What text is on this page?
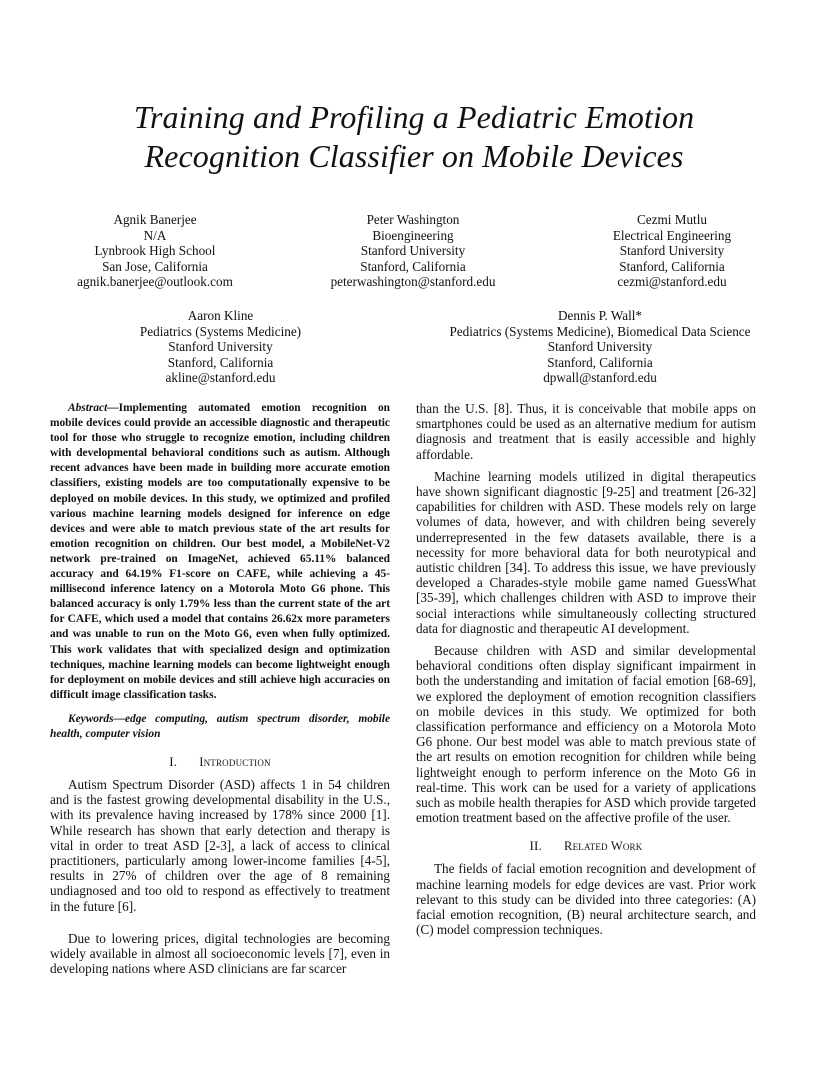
Training and Profiling a Pediatric Emotion
Recognition Classifier on Mobile Devices
Agnik Banerjee
N/A
Lynbrook High School
San Jose, California
agnik.banerjee@outlook.com
Peter Washington
Bioengineering
Stanford University
Stanford, California
peterwashington@stanford.edu
Cezmi Mutlu
Electrical Engineering
Stanford University
Stanford, California
cezmi@stanford.edu
Aaron Kline
Pediatrics (Systems Medicine)
Stanford University
Stanford, California
akline@stanford.edu
Dennis P. Wall*
Pediatrics (Systems Medicine), Biomedical Data Science
Stanford University
Stanford, California
dpwall@stanford.edu

Abstract—Implementing automated emotion recognition on mobile devices could provide an accessible diagnostic and therapeutic tool for those who struggle to recognize emotion, including children with developmental behavioral conditions such as autism. Although recent advances have been made in building more accurate emotion classifiers, existing models are too computationally expensive to be deployed on mobile devices. In this study, we optimized and profiled various machine learning models designed for inference on edge devices and were able to match previous state of the art results for emotion recognition on children. Our best model, a MobileNet-V2 network pre-trained on ImageNet, achieved 65.11% balanced accuracy and 64.19% F1-score on CAFE, while achieving a 45-millisecond inference latency on a Motorola Moto G6 phone. This balanced accuracy is only 1.79% less than the current state of the art for CAFE, which used a model that contains 26.62x more parameters and was unable to run on the Moto G6, even when fully optimized. This work validates that with specialized design and optimization techniques, machine learning models can become lightweight enough for deployment on mobile devices and still achieve high accuracies on difficult image classification tasks.

Keywords—edge computing, autism spectrum disorder, mobile health, computer vision

I. Introduction

Autism Spectrum Disorder (ASD) affects 1 in 54 children and is the fastest growing developmental disability in the U.S., with its prevalence having increased by 178% since 2000 [1]. While research has shown that early detection and therapy is vital in order to treat ASD [2-3], a lack of access to clinical practitioners, particularly among lower-income families [4-5], results in 27% of children over the age of 8 remaining undiagnosed and too old to respond as effectively to treatment in the future [6].

Due to lowering prices, digital technologies are becoming widely available in almost all socioeconomic levels [7], even in developing nations where ASD clinicians are far scarcer

than the U.S. [8]. Thus, it is conceivable that mobile apps on smartphones could be used as an alternative medium for autism diagnosis and treatment that is easily accessible and highly affordable.

Machine learning models utilized in digital therapeutics have shown significant diagnostic [9-25] and treatment [26-32] capabilities for children with ASD. These models rely on large volumes of data, however, and with children being severely underrepresented in the few datasets available, there is a necessity for more behavioral data for both neurotypical and autistic children [34]. To address this issue, we have previously developed a Charades-style mobile game named GuessWhat [35-39], which challenges children with ASD to improve their social interactions while simultaneously collecting structured data for diagnostic and therapeutic AI development.

Because children with ASD and similar developmental behavioral conditions often display significant impairment in both the understanding and imitation of facial emotion [68-69], we explored the deployment of emotion recognition classifiers on mobile devices in this study. We optimized for both classification performance and efficiency on a Motorola Moto G6 phone. Our best model was able to match previous state of the art results on emotion recognition for children while being lightweight enough to perform inference on the Moto G6 in real-time. This work can be used for a variety of applications such as mobile health therapies for ASD which provide targeted emotion treatment based on the affective profile of the user.

II. Related Work

The fields of facial emotion recognition and development of machine learning models for edge devices are vast. Prior work relevant to this study can be divided into three categories: (A) facial emotion recognition, (B) neural architecture search, and (C) model compression techniques.
